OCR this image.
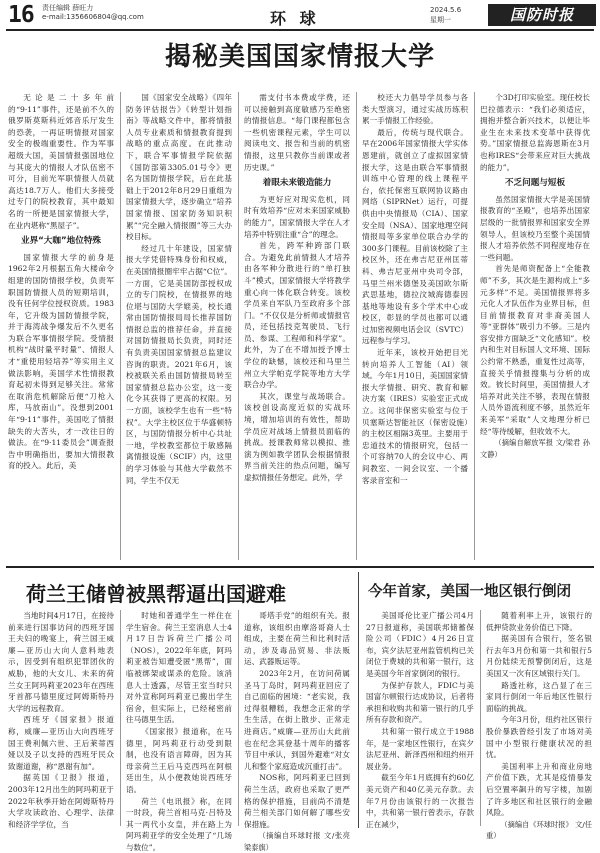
16 责任编辑 薛旺力
e-mail:1356606804@qq.com	环 球	2024.5.6
星期一	国防时报
揭秘美国国家情报大学

无论是二十多年前的“9·11”事件，还是前不久的俄罗斯莫斯科近郊音乐厅发生的恐袭，一再证明情报对国家安全的极端重要性。作为军事超级大国，美国情报强国地位与其庞大的情报人才队伍密不可分，目前光军职情报人员就高达18.7万人。他们大多接受过专门的院校教育，其中最知名的一所便是国家情报大学，在业内堪称“黑屋子”。

业界“大咖”地位特殊

国家情报大学的前身是1962年2月根据五角大楼命令组建的国防情报学校，负责军职国防情报人员的短期培训，没有任何学位授权资质。1983年，它升级为国防情报学院，并于海湾战争爆发后不久更名为联合军事情报学院。受情报机构“战时量平时量”、情报人才“重使用轻培养”等实用主义做法影响，美国学术性情报教育起初未得到足够关注。常常在取消危机解除后便“刀枪入库，马放南山”。没想到2001年“9·11”事件，美国吃了情报缺失的大苦头，才一改往日的做法。在“9·11委员会”调查报告中明确指出，要加大情报教育的投入。此后，美

国《国家安全战略》《四年防务评估报告》《转型计划指南》等战略文件中，都将情报人员专业素质和情报教育提到战略的重点高度。在此推动下，联合军事情报学院依据《国防部第3305.01号令》更名为国防情报学院，后在此基础上于2012年8月29日重组为国家情报大学，逐步确立“培养国家情报、国家防务知识积累”“完全融入情报圈”等三大办校目标。

经过几十年建设，国家情报大学凭借特殊身份和权威，在美国情报圈牢牢占据“C位”。一方面，它是美国防部授权成立的专门院校，在情报界的地位堪与国防大学媲美，校长通常由国防情报局局长推荐国防情报总监的推荐任命，并直接对国防情报局长负责，同时还有负责美国国家情报总监建议咨询的职责。2021年6月，该校被联关系由国防情报局转至国家情报总监办公室，这一变化令其获得了更高的权限。另一方面，该校学生也有一些“特权”。大学主校区位于华盛顿特区，与国防情报分析中心共址一地，学校教室都位于敏感隔离情报设施（SCIF）内，这里的学习体验与其他大学截然不同，学生不仅无

需支付书本费或学费，还可以接触到高度敏感乃至绝密的情报信息。“每门课程都包含一些机密课程元素，学生可以阅读电文、报告和当前的机密情报，这里只教你当前课或者历史课。”

着眼未来锻造能力

为更好应对现实危机，同时有效培养“应对未来国家威胁的能力”，国家情报大学在人才培养中特别注重“合”的理念。

首先，跨军种跨部门联合。为避免此前情报人才培养由各军种分散进行的“单打独斗”模式，国家情报大学将教学重心向一体化联合转变。该校学员来自军队乃至政府多个部门。“不仅仅是分析师或情报官员，还包括技克驾驶员、飞行员、参谋、工程师和科学家”。此外，为了在不增加授予博士学位的缺憾，该校还和马里兰州立大学帕克学院等地方大学联合办学。

其次，课堂与战场联合。该校创设高度近似的实战环境，增加培训的有效性，帮助学员应对战场上情报员面临的挑战。授课教师常以模拟、推演为例如教学团队会根据情报界当前关注的热点问题，编写虚拟情报任务想定。此外，学

校还大力倡导学员参与各类大型演习，通过实战历练积累一手情报工作经验。

最后，传统与现代联合。早在2006年国家情报大学实体恩建前，就创立了虚拟国家情报大学，这是由联合军事情报训练中心管理的线上课程平台，依托保密互联网协议路由网络（SIPRNet）运行，可提供由中央情报局（CIA）、国家安全局（NSA）、国家地理空间情报局等多家单位联合办学的300多门课程。目前该校除了主校区外，还在弗吉尼亚州匡蒂科、弗吉尼亚州中央司令部，马里兰州米德堡及美国欧尔斯武思基地，德拉汶城海德泰因基地等地设有多个学术中心或校区，彰显的学员也都可以通过加密视频电话会议（SVTC）远程参与学习。

近年来，该校开始把目光转向培养人工智能（AI）领域。今年1月10日，美国国家情报大学情报、研究、教育和解决方案（IRES）实验室正式成立。这间非保密实验室与位于贝塞斯达智能社区（保密设施）的主校区相隔3英里。主要用于忠道技术的情报研究，包括一个可容纳70人的会议中心、两间教室、一间会议室、一个播客录音室和一

个3D打印实验室。现任校长巴拉德表示：“我们必须适应，拥抱并整合新兴技术，以便让毕业生在未来技术变革中获得优势。”国家情报总监海恩斯在3月也称IRES“会带来应对巨大挑战的能力”。

不乏问题与短板

虽然国家情报大学是美国情报教育的“圣殿”，也培养出国家层级的一批情报界和国家安全界领导人，但该校乃至整个美国情报人才培养依然不同程度地存在一些问题。

首先是师资配备上“全能教师”不多，其次是生源构成上“多元多样”不足。美国情报界将多元化人才队伍作为业界目标，但目前情报教育对非裔美国人等“亚群体”吸引力不够。三是内容安排方面缺乏“文化感知”。校内和生对目标国人文环境、国际公约常不熟悉，重复性过高等，直接关乎情报搜集与分析的成效。彼长时间里，美国情报人才培养对此关注不够，表现在情报人员外语流利度不够，虽然近年来美军“采取”人文地理分析已经“等待缓解，但收效不大。

（摘编自解放军报 文/梁君 孙文静）

荷兰王储曾被黑帮逼出国避难

当地时间4月17日，在接待前来进行国事访问的西班牙国王夫妇的晚宴上，荷兰国王威廉—亚历山大向人意料地表示，因受到有组织犯罪团伙的威胁，他的大女儿、未来的荷兰女王阿玛莉亚2023年在西班牙首都马德里度过阿姆斯特丹大学的远程教育。

西班牙《国家报》报道称，威廉—亚历山大向西班牙国王费利佩六世、王后莱蒂西娅以及子以支持的西班牙民众致谢道谢，称“恩谢有加”。

据英国《卫报》报道，2003年12月出生的阿玛莉亚于2022年秋季开始在阿姆斯特丹大学攻读政治、心理学、法律和经济学学位，当

时她和普通学生一样住在学生宿舍。荷兰王室消息人士4月17日告诉荷兰广播公司（NOS），2022年年底，阿玛莉亚被告知遭受匿“黑帮”，面临被绑架或谋杀的危险。该消息人士透露，尽管王室当时只对外宣称阿玛莉亚已搬出学生宿舍，但实际上，已经秘密前往马德里生活。

《国家报》报道称，在马德里，阿玛莉亚行动受到限制，也没有语言障碍，因为其母亲荷兰王后马克西玛在阿根廷出生，从小便教她说西班牙语。

荷兰《电讯报》称，在同一时段，荷兰首相马克·吕特及其一两代小女皇，并在路上为阿玛莉亚学的安全处理了“几场与数位”。

哥塔手党”的组织有关。报道称，该组织由摩洛哥裔人士组成，主要在荷兰和比利时活动，涉及毒品贸易、非法贩运、武器贩运等。

2023年2月，在访问荷属圣马丁岛时，阿玛莉亚回应了自己面临的困境：“老实说，我过得很糟糕，我想念正常的学生生活，在街上散步、正常走进商店。”威廉—亚历山大此前也在纪念其登基十周年的播客节目中承认，到国外避难“对女儿和整个家庭造成沉重打击”。

NOS称，阿玛莉亚已回到荷兰生活，政府也采取了更严格的保护措施，目前尚不清楚荷兰相关部门如何解了哪些安保措施。

（摘编自环球时报 文/张亮 梁泰旗）

今年首家，美国一地区银行倒闭

美国哥伦比亚广播公司4月27日报道称，美国联邦储蓄保险公司（FDIC）4月26日宣布，宾夕法尼亚州监管机构已关闭位于费城的共和第一银行，这是美国今年首家倒闭的银行。

为保护存款人，FDIC与美国富尔顿银行达成协议，后者将承担和收购共和第一银行的几乎所有存款和资产。

共和第一银行成立于1988年，是一家地区性银行，在宾夕法尼亚州、新泽西州和纽约州开展业务。

截至今年1月底拥有约60亿美元资产和40亿美元存款。去年7月份由该银行的一次报告中，共和第一银行曾表示，存款正在减少，

随着利率上升，该银行的低押贷款业务价值已下降。

据美国有合银行，签名银行去年3月份和第一共和银行5月份陆续无预警倒闭后，这是美国又一次有区域银行关门。

路透社称，这凸显了在三家同行倒闭一年后地区性银行面临的挑战。

今年3月份，纽约社区银行股价暴跌曾经引发了市场对美国中小型银行健康状况的担忧。

美国利率上升和商业房地产价值下跌，尤其是疫情暴发后空置率飙升的写字楼，加剧了许多地区和社区银行的金融风险。

（摘编自《环球时报》 文/任重）
